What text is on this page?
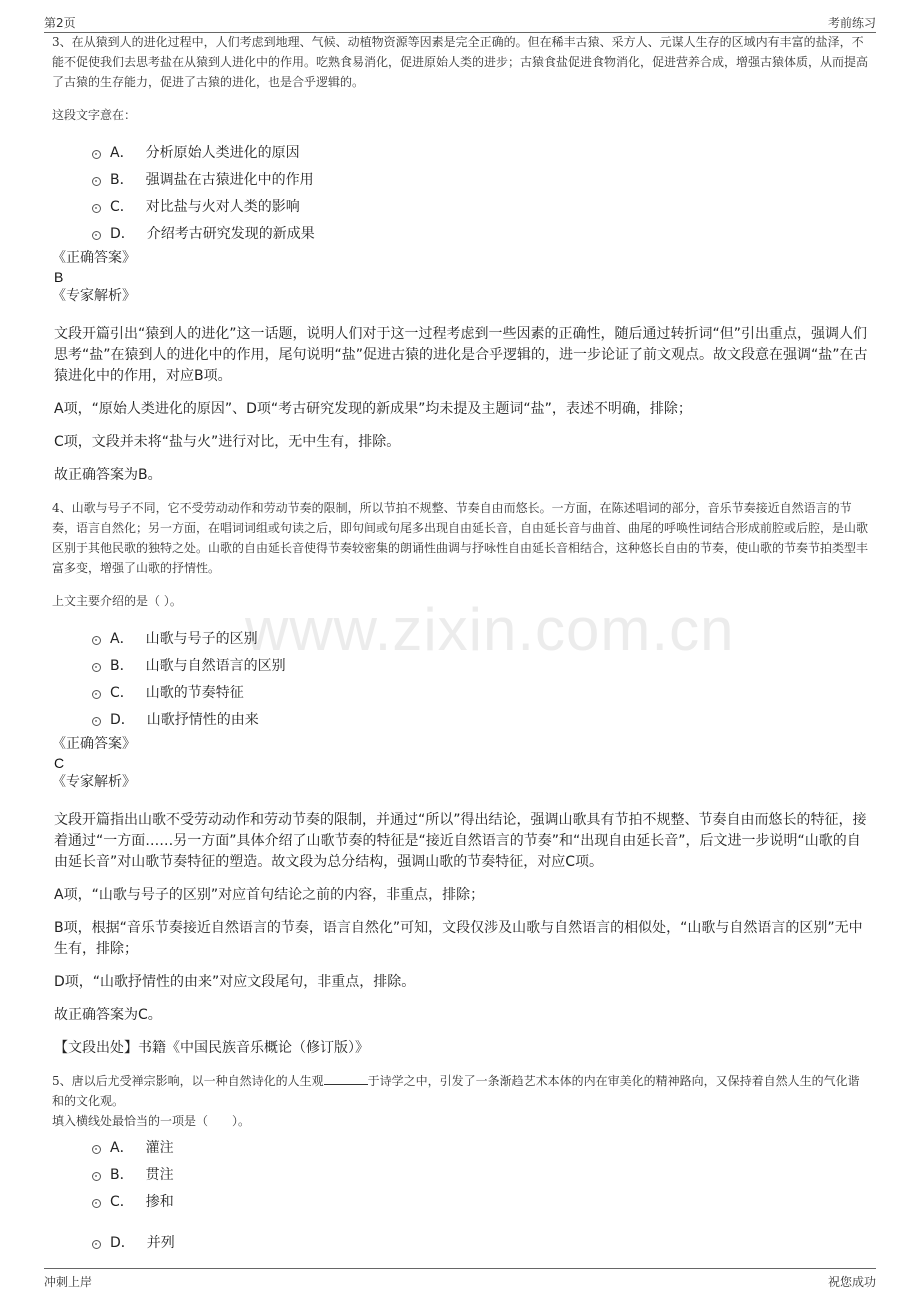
第2页	考前练习
www.zixin.com.cn

3、在从猿到人的进化过程中，人们考虑到地理、气候、动植物资源等因素是完全正确的。但在稀丰古猿、采方人、元谋人生存的区域内有丰富的盐泽，不能不促使我们去思考盐在从猿到人进化中的作用。吃熟食易消化，促进原始人类的进步；古猿食盐促进食物消化，促进营养合成，增强古猿体质，从而提高了古猿的生存能力，促进了古猿的进化，也是合乎逻辑的。

这段文字意在：

A． 分析原始人类进化的原因
B． 强调盐在古猿进化中的作用
C． 对比盐与火对人类的影响
D． 介绍考古研究发现的新成果

《正确答案》

B

《专家解析》

文段开篇引出“猿到人的进化”这一话题，说明人们对于这一过程考虑到一些因素的正确性，随后通过转折词“但”引出重点，强调人们思考“盐”在猿到人的进化中的作用，尾句说明“盐”促进古猿的进化是合乎逻辑的，进一步论证了前文观点。故文段意在强调“盐”在古猿进化中的作用，对应B项。

A项，“原始人类进化的原因”、D项“考古研究发现的新成果”均未提及主题词“盐”，表述不明确，排除；

C项，文段并未将“盐与火”进行对比，无中生有，排除。

故正确答案为B。

4、山歌与号子不同，它不受劳动动作和劳动节奏的限制，所以节拍不规整、节奏自由而悠长。一方面，在陈述唱词的部分，音乐节奏接近自然语言的节奏，语言自然化；另一方面，在唱词词组或句读之后，即句间或句尾多出现自由延长音，自由延长音与曲首、曲尾的呼唤性词结合形成前腔或后腔，是山歌区别于其他民歌的独特之处。山歌的自由延长音使得节奏较密集的朗诵性曲调与抒咏性自由延长音相结合，这种悠长自由的节奏，使山歌的节奏节拍类型丰富多变，增强了山歌的抒情性。

上文主要介绍的是（ ）。

A． 山歌与号子的区别
B． 山歌与自然语言的区别
C． 山歌的节奏特征
D． 山歌抒情性的由来

《正确答案》

C

《专家解析》

文段开篇指出山歌不受劳动动作和劳动节奏的限制，并通过“所以”得出结论，强调山歌具有节拍不规整、节奏自由而悠长的特征，接着通过“一方面……另一方面”具体介绍了山歌节奏的特征是“接近自然语言的节奏”和“出现自由延长音”，后文进一步说明“山歌的自由延长音”对山歌节奏特征的塑造。故文段为总分结构，强调山歌的节奏特征，对应C项。

A项，“山歌与号子的区别”对应首句结论之前的内容，非重点，排除；

B项，根据“音乐节奏接近自然语言的节奏，语言自然化”可知，文段仅涉及山歌与自然语言的相似处，“山歌与自然语言的区别”无中生有，排除；

D项，“山歌抒情性的由来”对应文段尾句，非重点，排除。

故正确答案为C。

【文段出处】书籍《中国民族音乐概论（修订版）》

5、唐以后尤受禅宗影响，以一种自然诗化的人生观	于诗学之中，引发了一条渐趋艺术本体的内在审美化的精神路向，又保持着自然人生的气化谐和的文化观。

填入横线处最恰当的一项是（　　）。

A． 灌注
B． 贯注
C． 掺和
D． 并列
冲刺上岸	祝您成功
